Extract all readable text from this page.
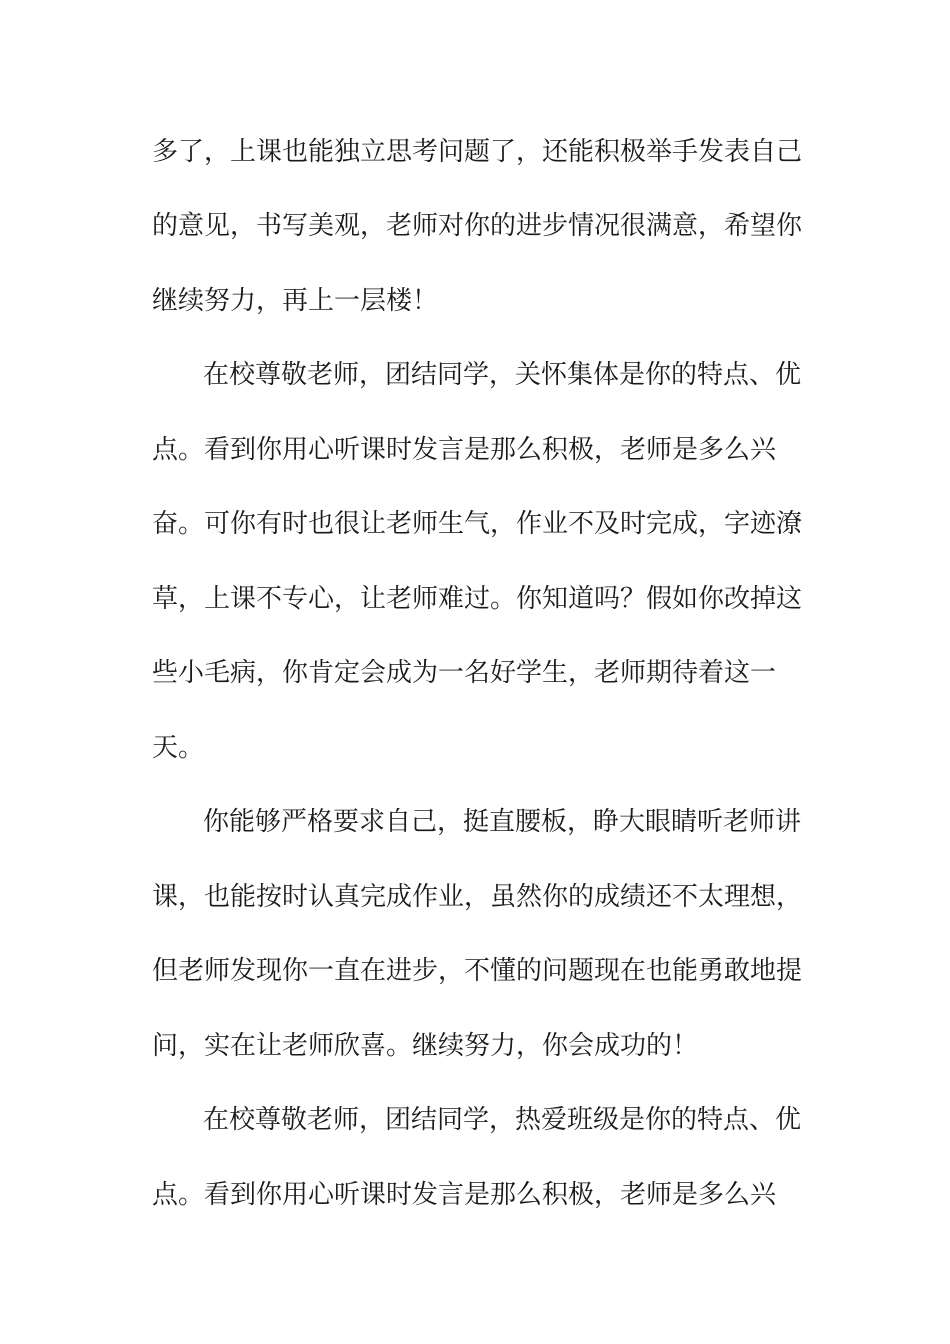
多了，上课也能独立思考问题了，还能积极举手发表自己
的意见，书写美观，老师对你的进步情况很满意，希望你
继续努力，再上一层楼！
在校尊敬老师，团结同学，关怀集体是你的特点、优
点。看到你用心听课时发言是那么积极，老师是多么兴
奋。可你有时也很让老师生气，作业不及时完成，字迹潦
草，上课不专心，让老师难过。你知道吗？假如你改掉这
些小毛病，你肯定会成为一名好学生，老师期待着这一
天。
你能够严格要求自己，挺直腰板，睁大眼睛听老师讲
课，也能按时认真完成作业，虽然你的成绩还不太理想，
但老师发现你一直在进步，不懂的问题现在也能勇敢地提
问，实在让老师欣喜。继续努力，你会成功的！
在校尊敬老师，团结同学，热爱班级是你的特点、优
点。看到你用心听课时发言是那么积极，老师是多么兴
